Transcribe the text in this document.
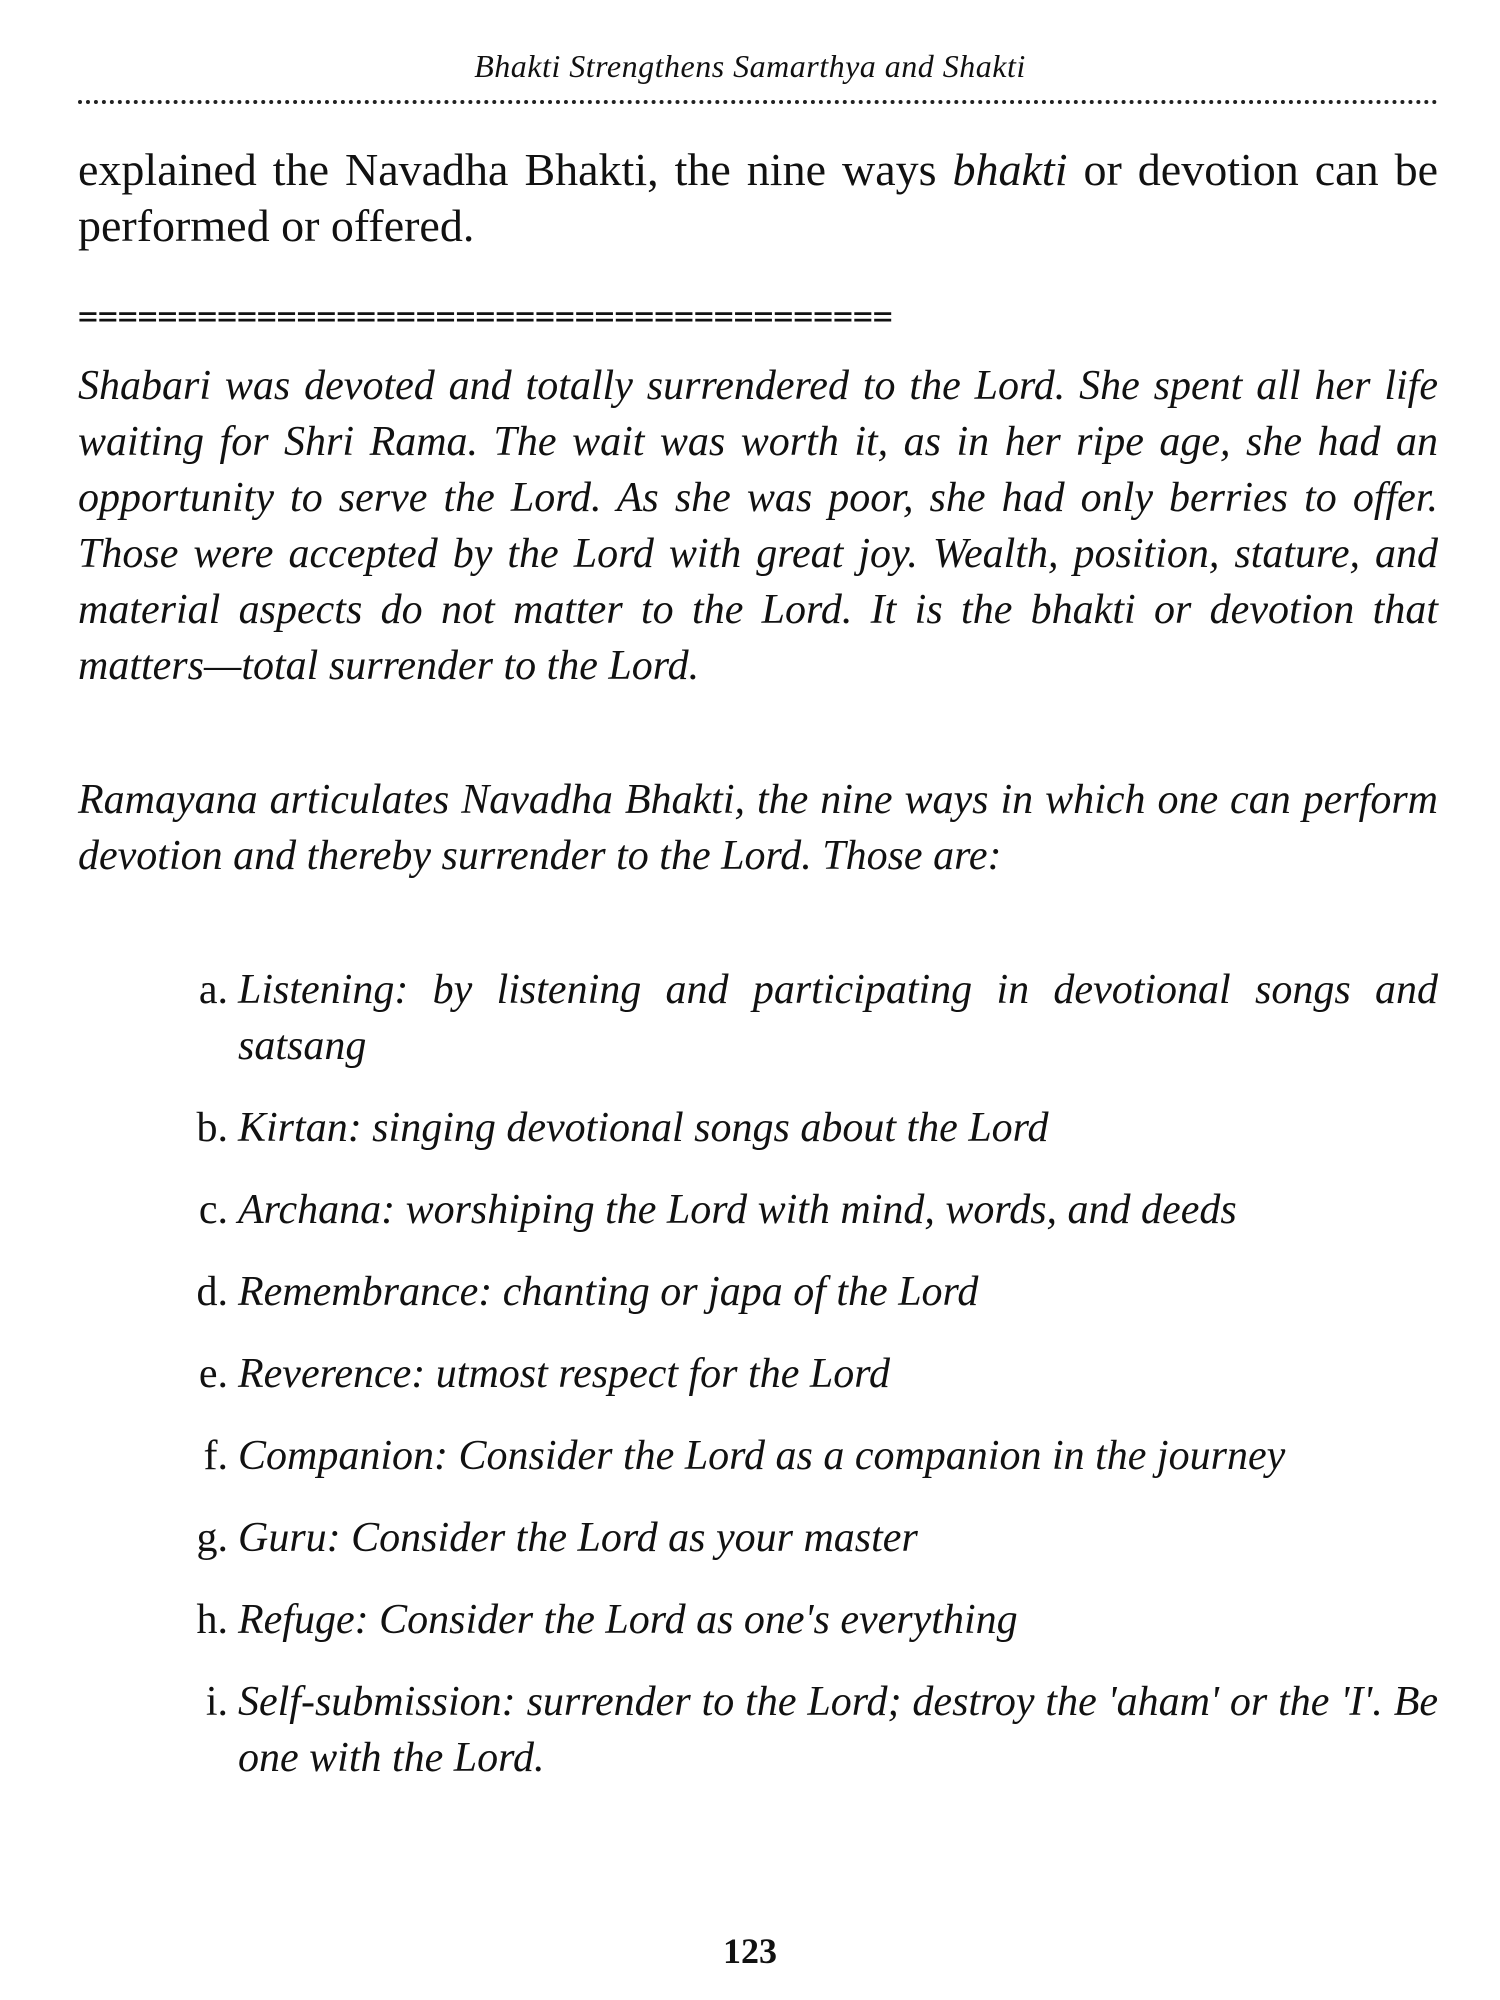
Bhakti Strengthens Samarthya and Shakti
explained the Navadha Bhakti, the nine ways bhakti or devotion can be performed or offered.
=========================================
Shabari was devoted and totally surrendered to the Lord. She spent all her life waiting for Shri Rama. The wait was worth it, as in her ripe age, she had an opportunity to serve the Lord. As she was poor, she had only berries to offer. Those were accepted by the Lord with great joy. Wealth, position, stature, and material aspects do not matter to the Lord. It is the bhakti or devotion that matters—total surrender to the Lord.
Ramayana articulates Navadha Bhakti, the nine ways in which one can perform devotion and thereby surrender to the Lord. Those are:
a. Listening: by listening and participating in devotional songs and satsang
b. Kirtan: singing devotional songs about the Lord
c. Archana: worshiping the Lord with mind, words, and deeds
d. Remembrance: chanting or japa of the Lord
e. Reverence: utmost respect for the Lord
f. Companion: Consider the Lord as a companion in the journey
g. Guru: Consider the Lord as your master
h. Refuge: Consider the Lord as one's everything
i. Self-submission: surrender to the Lord; destroy the 'aham' or the 'I'. Be one with the Lord.
123
